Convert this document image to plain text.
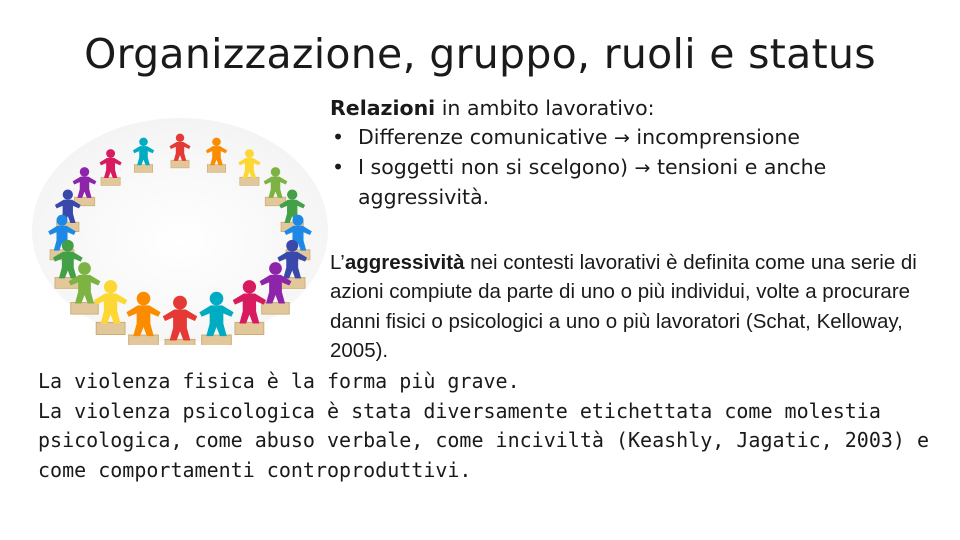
Organizzazione, gruppo, ruoli e status
Relazioni in ambito lavorativo:
• Differenze comunicative → incomprensione
• I soggetti non si scelgono) → tensioni e anche aggressività.

L’aggressività nei contesti lavorativi è definita come una serie di azioni compiute da parte di uno o più individui, volte a procurare danni fisici o psicologici a uno o più lavoratori (Schat, Kelloway, 2005).

La violenza fisica è la forma più grave.

La violenza psicologica è stata diversamente etichettata come molestia psicologica, come abuso verbale, come inciviltà (Keashly, Jagatic, 2003) e come comportamenti controproduttivi.
